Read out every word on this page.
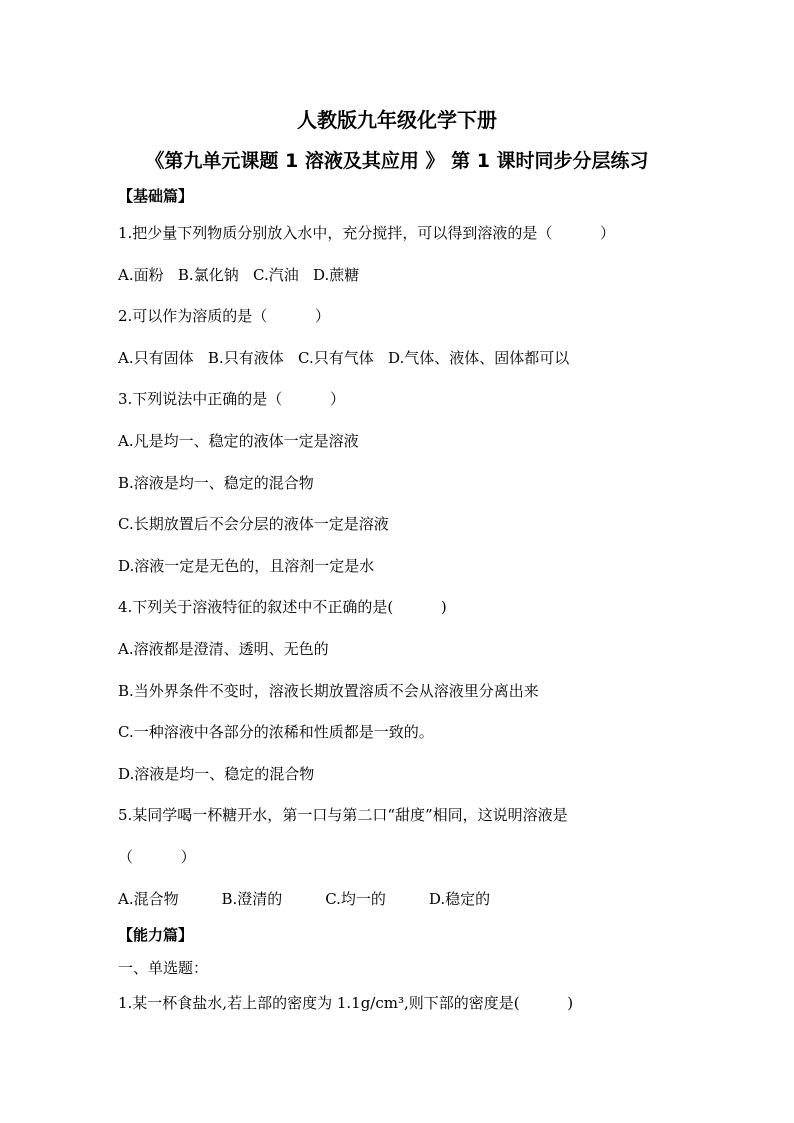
人教版九年级化学下册
《第九单元课题 1 溶液及其应用 》 第 1 课时同步分层练习
【基础篇】
1.把少量下列物质分别放入水中，充分搅拌，可以得到溶液的是（          ）
A.面粉   B.氯化钠   C.汽油   D.蔗糖
2.可以作为溶质的是（          ）
A.只有固体   B.只有液体   C.只有气体   D.气体、液体、固体都可以
3.下列说法中正确的是（          ）
A.凡是均一、稳定的液体一定是溶液
B.溶液是均一、稳定的混合物
C.长期放置后不会分层的液体一定是溶液
D.溶液一定是无色的，且溶剂一定是水
4.下列关于溶液特征的叙述中不正确的是(          )
A.溶液都是澄清、透明、无色的
B.当外界条件不变时，溶液长期放置溶质不会从溶液里分离出来
C.一种溶液中各部分的浓稀和性质都是一致的。
D.溶液是均一、稳定的混合物
5.某同学喝一杯糖开水，第一口与第二口“甜度”相同，这说明溶液是
（          ）
A.混合物         B.澄清的         C.均一的         D.稳定的
【能力篇】
一、单选题：
1.某一杯食盐水,若上部的密度为 1.1g/cm³,则下部的密度是(          )
